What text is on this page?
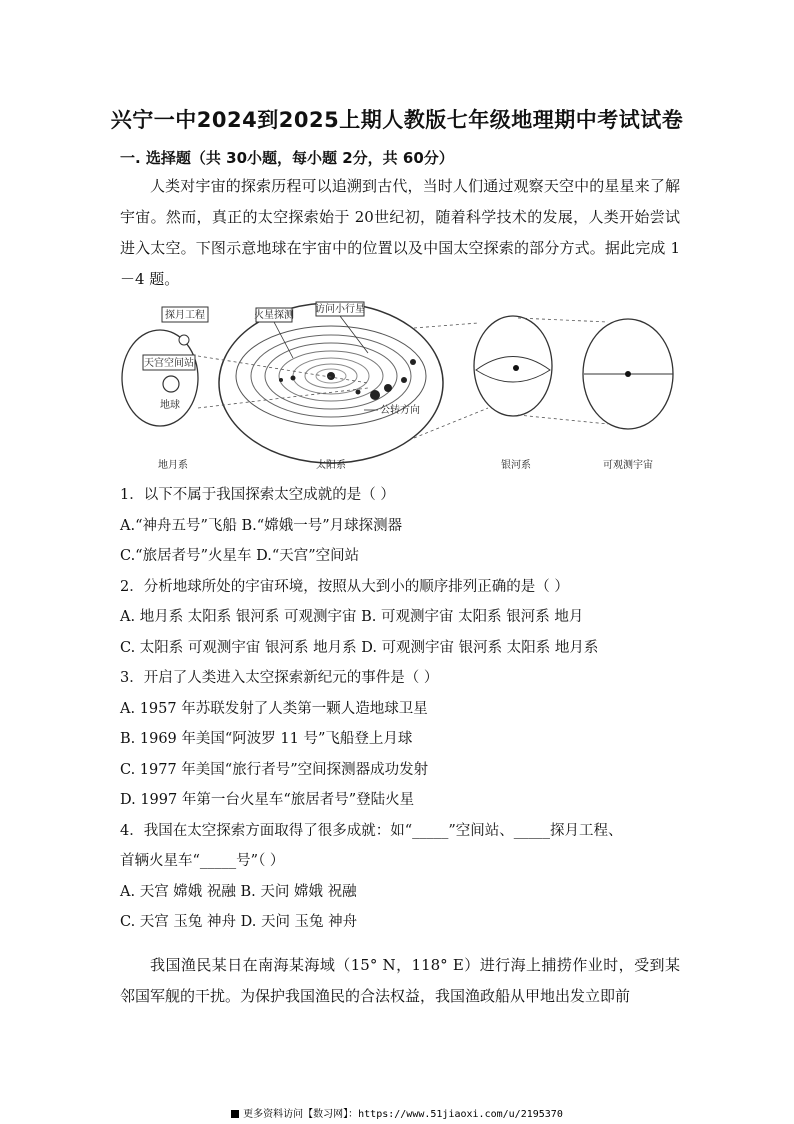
兴宁一中2024到2025上期人教版七年级地理期中考试试卷
一. 选择题（共 30小题，每小题 2分，共 60分）

人类对宇宙的探索历程可以追溯到古代，当时人们通过观察天空中的星星来了解宇宙。然而，真正的太空探索始于 20世纪初，随着科学技术的发展，人类开始尝试进入太空。下图示意地球在宇宙中的位置以及中国太空探索的部分方式。据此完成 1－4 题。

探月工程
天宫空间站
地球
火星探测
访问小行星
公转方向
地月系	太阳系	银河系	可观测宇宙
1．以下不属于我国探索太空成就的是（ ）
A.“神舟五号”飞船 B.“嫦娥一号”月球探测器
C.“旅居者号”火星车 D.“天宫”空间站
2．分析地球所处的宇宙环境，按照从大到小的顺序排列正确的是（ ）
A. 地月系 太阳系 银河系 可观测宇宙 B. 可观测宇宙 太阳系 银河系 地月
C. 太阳系 可观测宇宙 银河系 地月系 D. 可观测宇宙 银河系 太阳系 地月系
3．开启了人类进入太空探索新纪元的事件是（ ）
A. 1957 年苏联发射了人类第一颗人造地球卫星
B. 1969 年美国“阿波罗 11 号”飞船登上月球
C. 1977 年美国“旅行者号”空间探测器成功发射
D. 1997 年第一台火星车“旅居者号”登陆火星
4．我国在太空探索方面取得了很多成就：如“_____”空间站、_____探月工程、
首辆火星车“_____号”（ ）
A. 天宫 嫦娥 祝融 B. 天问 嫦娥 祝融
C. 天宫 玉兔 神舟 D. 天问 玉兔 神舟

我国渔民某日在南海某海域（15° N，118° E）进行海上捕捞作业时，受到某邻国军舰的干扰。为保护我国渔民的合法权益，我国渔政船从甲地出发立即前

更多资料访问【数习网】：https://www.51jiaoxi.com/u/2195370
